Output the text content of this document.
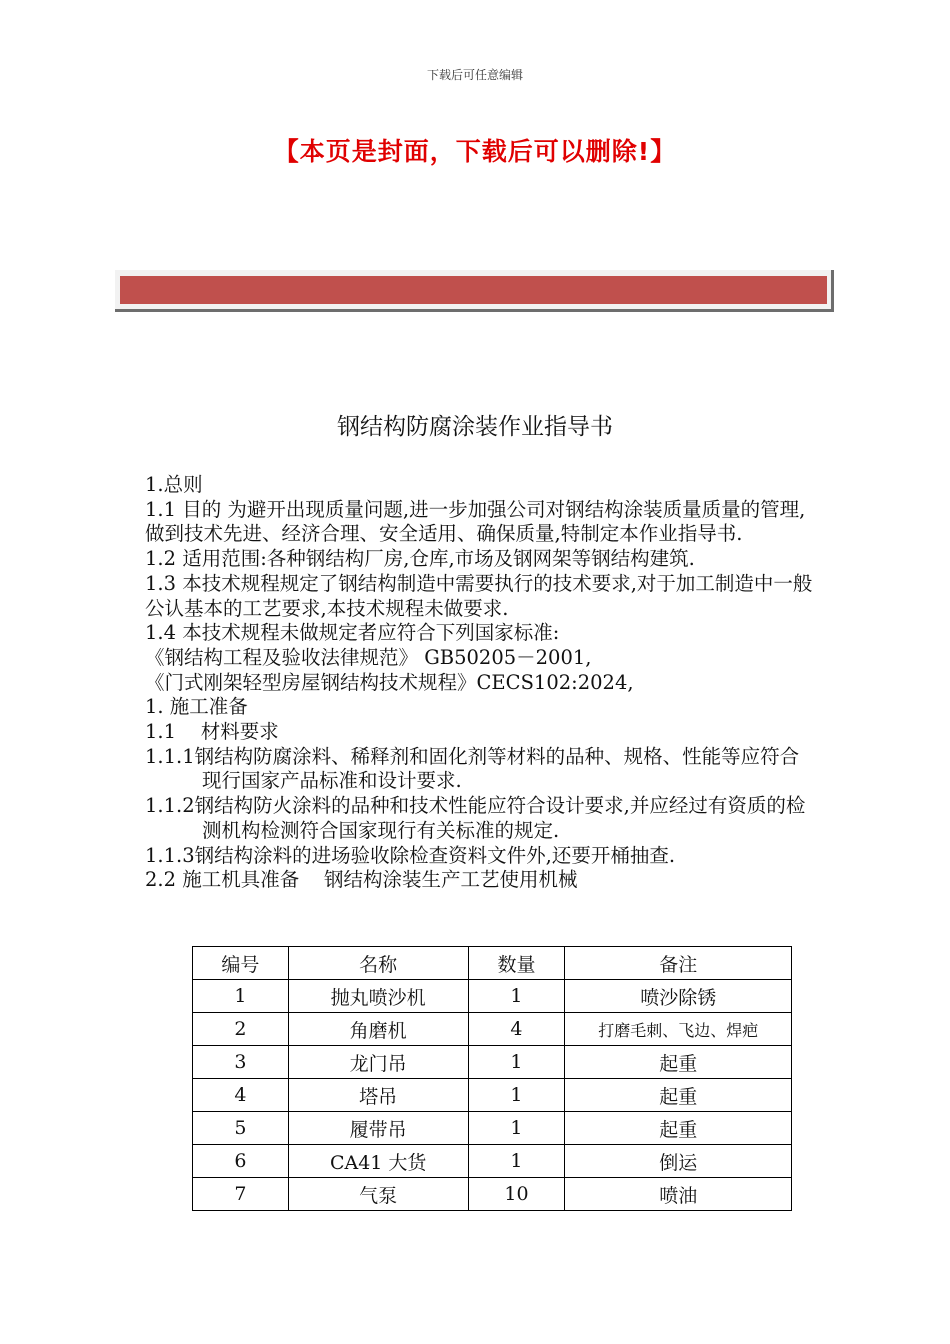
下载后可任意编辑
【本页是封面，下载后可以删除!】
钢结构防腐涂装作业指导书

1.总则

1.1 目的 为避开出现质量问题,进一步加强公司对钢结构涂装质量质量的管理,做到技术先进、经济合理、安全适用、确保质量,特制定本作业指导书.

1.2 适用范围:各种钢结构厂房,仓库,市场及钢网架等钢结构建筑.

1.3 本技术规程规定了钢结构制造中需要执行的技术要求,对于加工制造中一般公认基本的工艺要求,本技术规程未做要求.

1.4 本技术规程未做规定者应符合下列国家标准:

《钢结构工程及验收法律规范》 GB50205－2001,

《门式刚架轻型房屋钢结构技术规程》CECS102:2024,

1. 施工准备

1.1    材料要求

1.1.1钢结构防腐涂料、稀释剂和固化剂等材料的品种、规格、性能等应符合现行国家产品标准和设计要求.

1.1.2钢结构防火涂料的品种和技术性能应符合设计要求,并应经过有资质的检测机构检测符合国家现行有关标准的规定.

1.1.3钢结构涂料的进场验收除检查资料文件外,还要开桶抽查.

2.2 施工机具准备    钢结构涂装生产工艺使用机械

编号	名称	数量	备注
1	抛丸喷沙机	1	喷沙除锈
2	角磨机	4	打磨毛刺、飞边、焊疤
3	龙门吊	1	起重
4	塔吊	1	起重
5	履带吊	1	起重
6	CA41 大货	1	倒运
7	气泵	10	喷油
